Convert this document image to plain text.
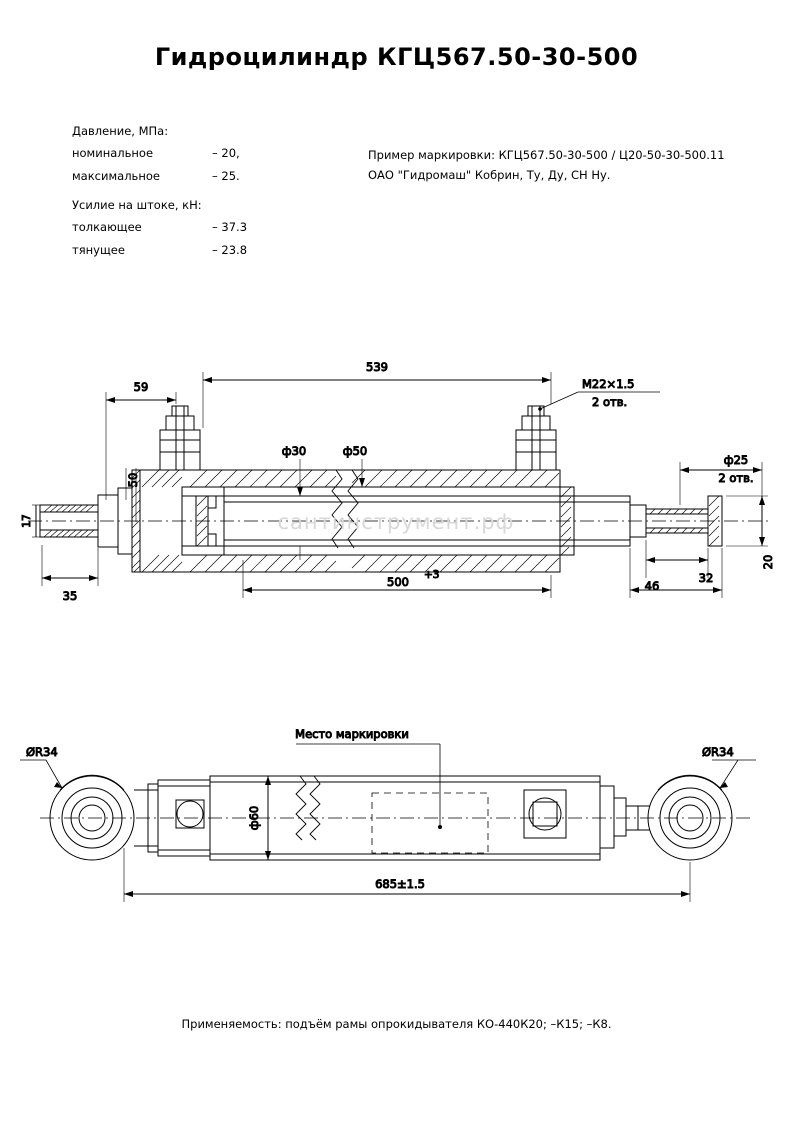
Гидроцилиндр КГЦ567.50-30-500
Давление, МПа:
номинальное	– 20,
максимальное	– 25.
Усилие на штоке, кН:
толкающее	– 37.3
тянущее	– 23.8
Пример маркировки: КГЦ567.50-30-500 / Ц20-50-30-500.11
ОАО "Гидромаш" Кобрин, Ту, Ду, СН Ну.
539
59	M22×1.5
2 отв.
ф30	ф50
50
17
35
500 +3
ф25
2 отв.
32
46
20
ØR34	ØR34
Место маркировки
ф60
685±1.5
сантинструмент.рф
Применяемость: подъём рамы опрокидывателя КО-440К20; –К15; –К8.
